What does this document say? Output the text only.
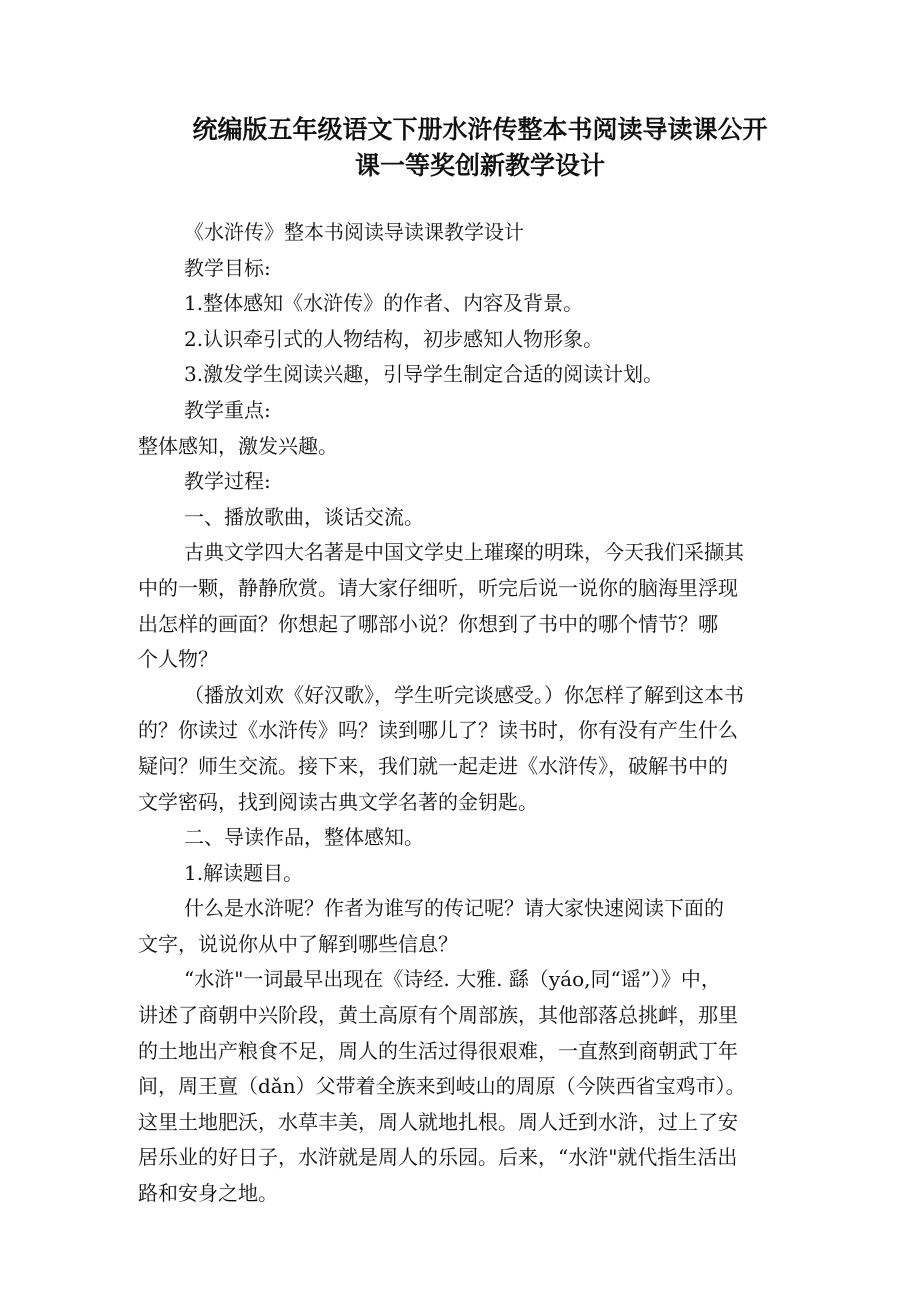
统编版五年级语文下册水浒传整本书阅读导读课公开
课一等奖创新教学设计
《水浒传》整本书阅读导读课教学设计
教学目标:
1.整体感知《水浒传》的作者、内容及背景。
2.认识牵引式的人物结构，初步感知人物形象。
3.激发学生阅读兴趣，引导学生制定合适的阅读计划。
教学重点:
整体感知，激发兴趣。
教学过程:
一、播放歌曲，谈话交流。
古典文学四大名著是中国文学史上璀璨的明珠，今天我们采撷其
中的一颗，静静欣赏。请大家仔细听，听完后说一说你的脑海里浮现
出怎样的画面？你想起了哪部小说？你想到了书中的哪个情节？哪
个人物？
（播放刘欢《好汉歌》，学生听完谈感受。）你怎样了解到这本书
的？你读过《水浒传》吗？读到哪儿了？读书时，你有没有产生什么
疑问？师生交流。接下来，我们就一起走进《水浒传》，破解书中的
文学密码，找到阅读古典文学名著的金钥匙。
二、导读作品，整体感知。
1.解读题目。
什么是水浒呢？作者为谁写的传记呢？请大家快速阅读下面的
文字，说说你从中了解到哪些信息？
“水浒"一词最早出现在《诗经. 大雅. 繇（yáo,同“谣”）》中，
讲述了商朝中兴阶段，黄土高原有个周部族，其他部落总挑衅，那里
的土地出产粮食不足，周人的生活过得很艰难，一直熬到商朝武丁年
间，周王亶（dǎn）父带着全族来到岐山的周原（今陕西省宝鸡市）。
这里土地肥沃，水草丰美，周人就地扎根。周人迁到水浒，过上了安
居乐业的好日子，水浒就是周人的乐园。后来，“水浒"就代指生活出
路和安身之地。
